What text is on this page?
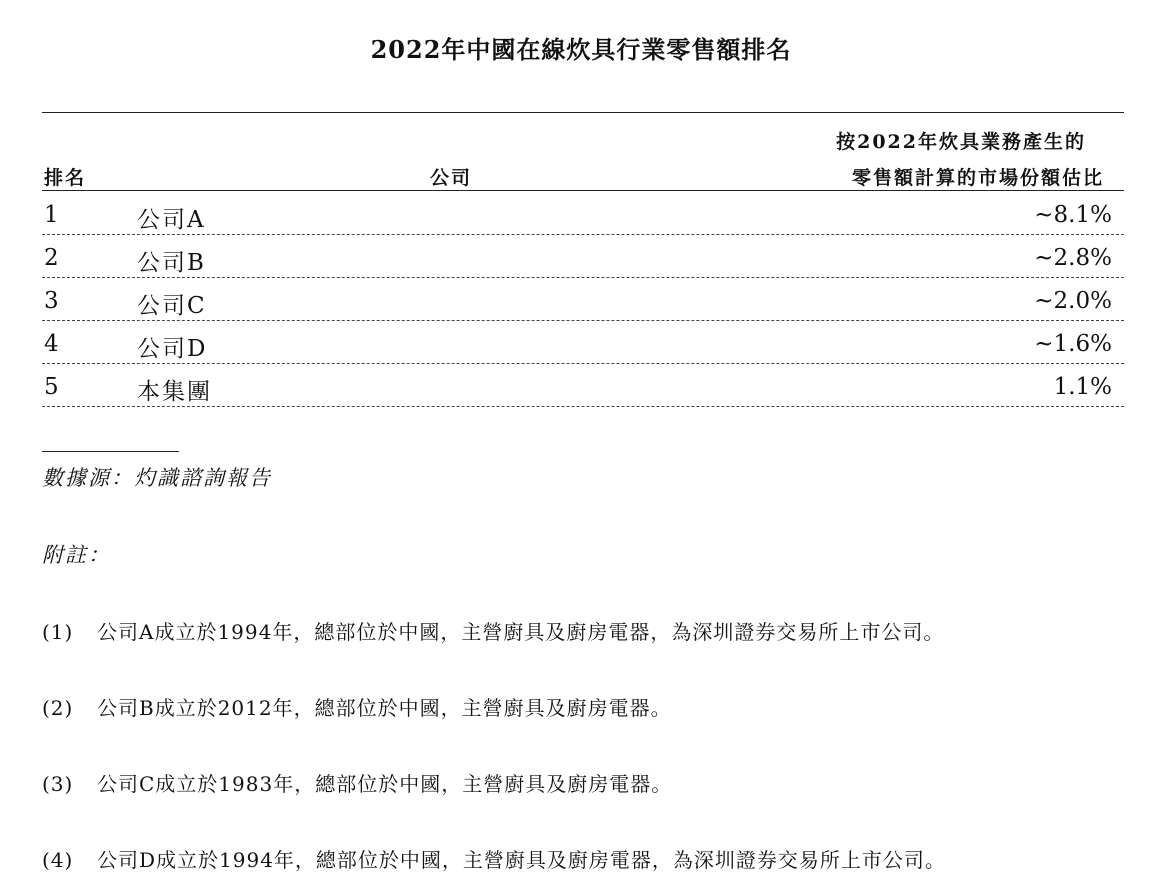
2022年中國在線炊具行業零售額排名
按2022年炊具業務產生的
排名	公司	零售額計算的市場份額估比
1	公司A	~8.1%
2	公司B	~2.8%
3	公司C	~2.0%
4	公司D	~1.6%
5	本集團	1.1%
數據源：灼識諮詢報告
附註：
(1) 公司A成立於1994年，總部位於中國，主營廚具及廚房電器，為深圳證券交易所上市公司。
(2) 公司B成立於2012年，總部位於中國，主營廚具及廚房電器。
(3) 公司C成立於1983年，總部位於中國，主營廚具及廚房電器。
(4) 公司D成立於1994年，總部位於中國，主營廚具及廚房電器，為深圳證券交易所上市公司。
